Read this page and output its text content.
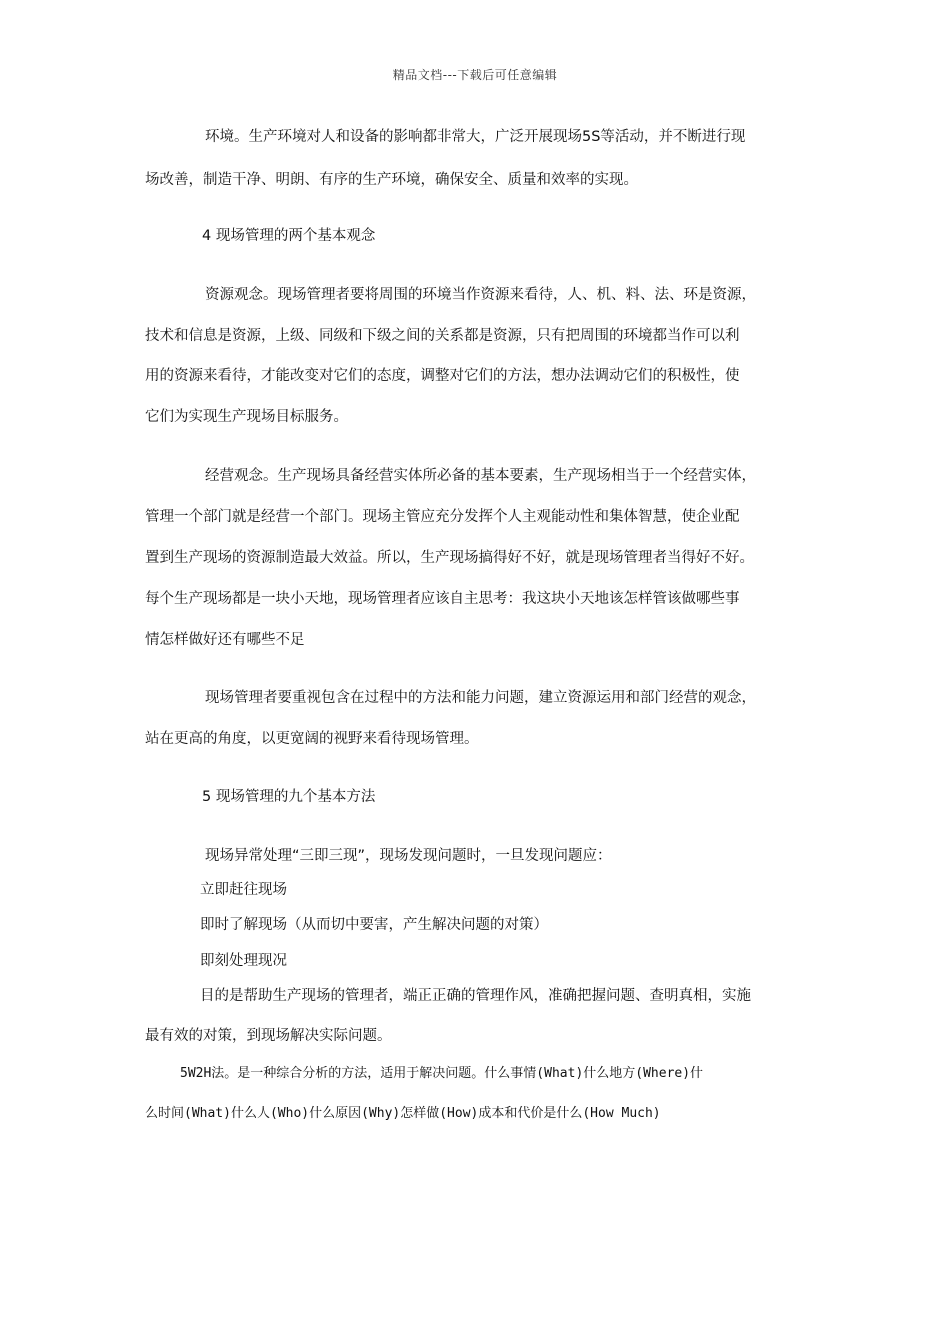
精品文档---下载后可任意编辑
环境。生产环境对人和设备的影响都非常大，广泛开展现场5S等活动，并不断进行现
场改善，制造干净、明朗、有序的生产环境，确保安全、质量和效率的实现。
4 现场管理的两个基本观念
资源观念。现场管理者要将周围的环境当作资源来看待，人、机、料、法、环是资源，
技术和信息是资源，上级、同级和下级之间的关系都是资源，只有把周围的环境都当作可以利
用的资源来看待，才能改变对它们的态度，调整对它们的方法，想办法调动它们的积极性，使
它们为实现生产现场目标服务。
经营观念。生产现场具备经营实体所必备的基本要素，生产现场相当于一个经营实体，
管理一个部门就是经营一个部门。现场主管应充分发挥个人主观能动性和集体智慧，使企业配
置到生产现场的资源制造最大效益。所以，生产现场搞得好不好，就是现场管理者当得好不好。
每个生产现场都是一块小天地，现场管理者应该自主思考：我这块小天地该怎样管该做哪些事
情怎样做好还有哪些不足
现场管理者要重视包含在过程中的方法和能力问题，建立资源运用和部门经营的观念，
站在更高的角度，以更宽阔的视野来看待现场管理。
5 现场管理的九个基本方法
现场异常处理“三即三现”，现场发现问题时，一旦发现问题应：
立即赶往现场
即时了解现场（从而切中要害，产生解决问题的对策）
即刻处理现况
目的是帮助生产现场的管理者，端正正确的管理作风，准确把握问题、查明真相，实施
最有效的对策，到现场解决实际问题。
5W2H法。是一种综合分析的方法，适用于解决问题。什么事情(What)什么地方(Where)什
么时间(What)什么人(Who)什么原因(Why)怎样做(How)成本和代价是什么(How Much)
